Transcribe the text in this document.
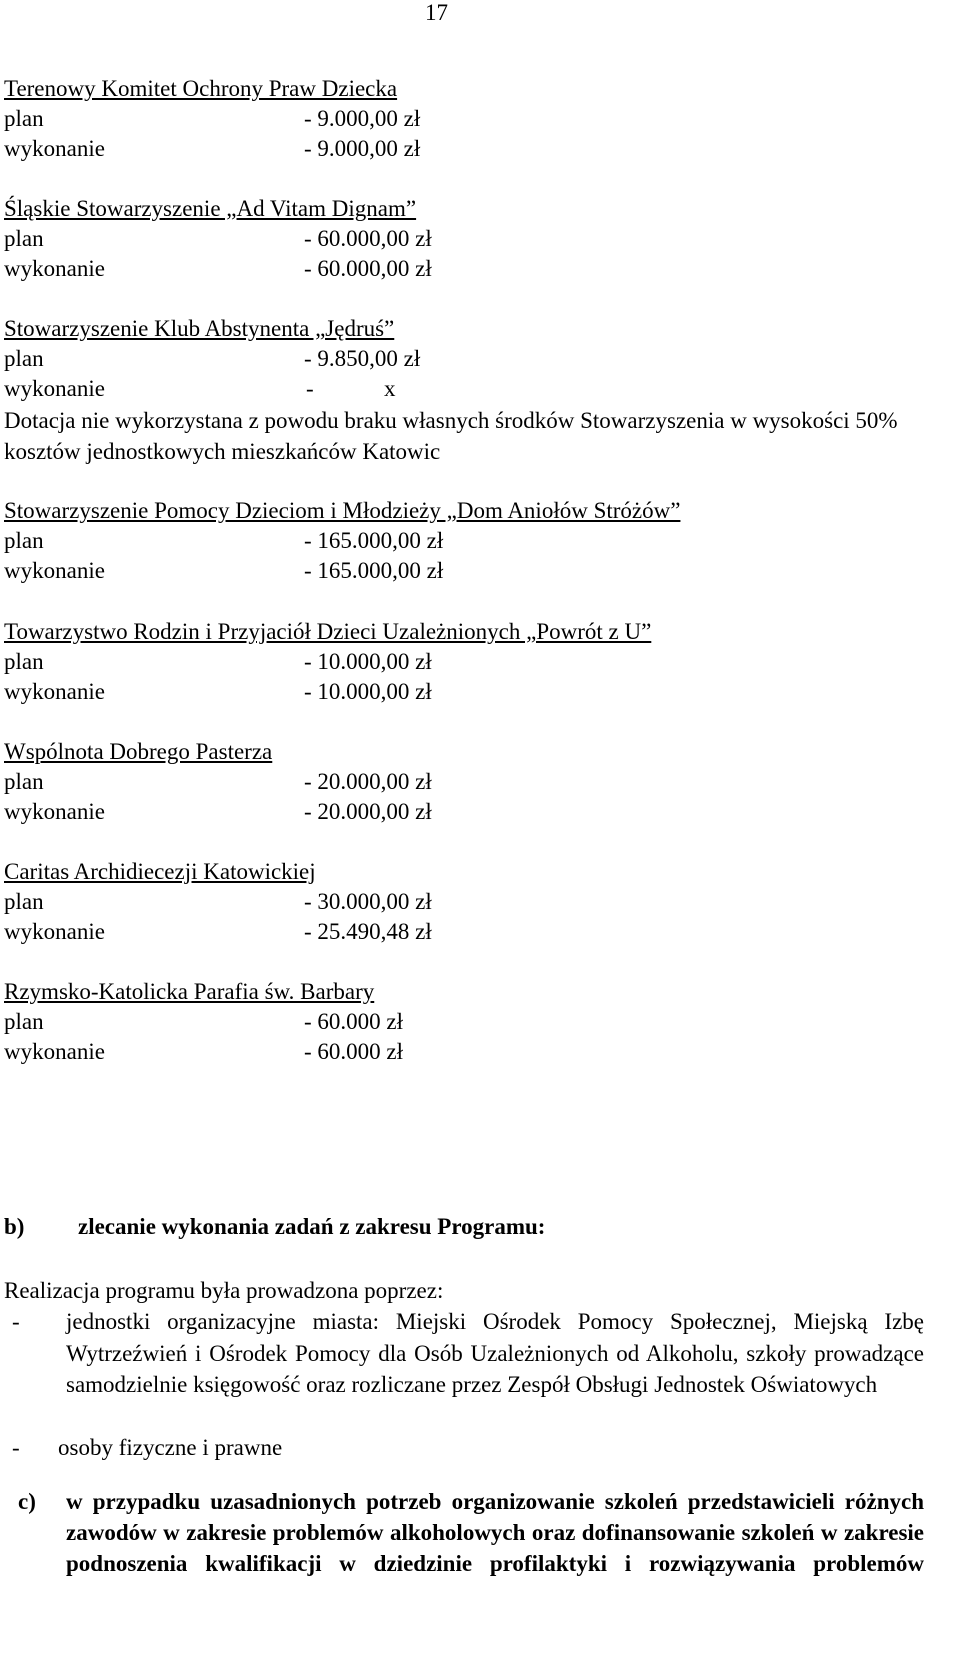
17
Terenowy Komitet Ochrony Praw Dziecka
plan	- 9.000,00 zł
wykonanie	- 9.000,00 zł
Śląskie Stowarzyszenie „Ad Vitam Dignam”
plan	- 60.000,00 zł
wykonanie	- 60.000,00 zł
Stowarzyszenie Klub Abstynenta „Jędruś”
plan	- 9.850,00 zł
wykonanie	-	x
Dotacja nie wykorzystana z powodu braku własnych środków Stowarzyszenia w wysokości 50% kosztów jednostkowych mieszkańców Katowic
Stowarzyszenie Pomocy Dzieciom i Młodzieży „Dom Aniołów Stróżów”
plan	- 165.000,00 zł
wykonanie	- 165.000,00 zł
Towarzystwo Rodzin i Przyjaciół Dzieci Uzależnionych „Powrót z U”
plan	- 10.000,00 zł
wykonanie	- 10.000,00 zł
Wspólnota Dobrego Pasterza
plan	- 20.000,00 zł
wykonanie	- 20.000,00 zł
Caritas Archidiecezji Katowickiej
plan	- 30.000,00 zł
wykonanie	- 25.490,48 zł
Rzymsko-Katolicka Parafia św. Barbary
plan	- 60.000 zł
wykonanie	- 60.000 zł
b) zlecanie wykonania zadań z zakresu Programu:
Realizacja programu była prowadzona poprzez:
- jednostki organizacyjne miasta: Miejski Ośrodek Pomocy Społecznej, Miejską Izbę Wytrzeźwień i Ośrodek Pomocy dla Osób Uzależnionych od Alkoholu, szkoły prowadzące samodzielnie księgowość oraz rozliczane przez Zespół Obsługi Jednostek Oświatowych
- osoby fizyczne i prawne
c) w przypadku uzasadnionych potrzeb organizowanie szkoleń przedstawicieli różnych zawodów w zakresie problemów alkoholowych oraz dofinansowanie szkoleń w zakresie podnoszenia kwalifikacji w dziedzinie profilaktyki i rozwiązywania problemów
